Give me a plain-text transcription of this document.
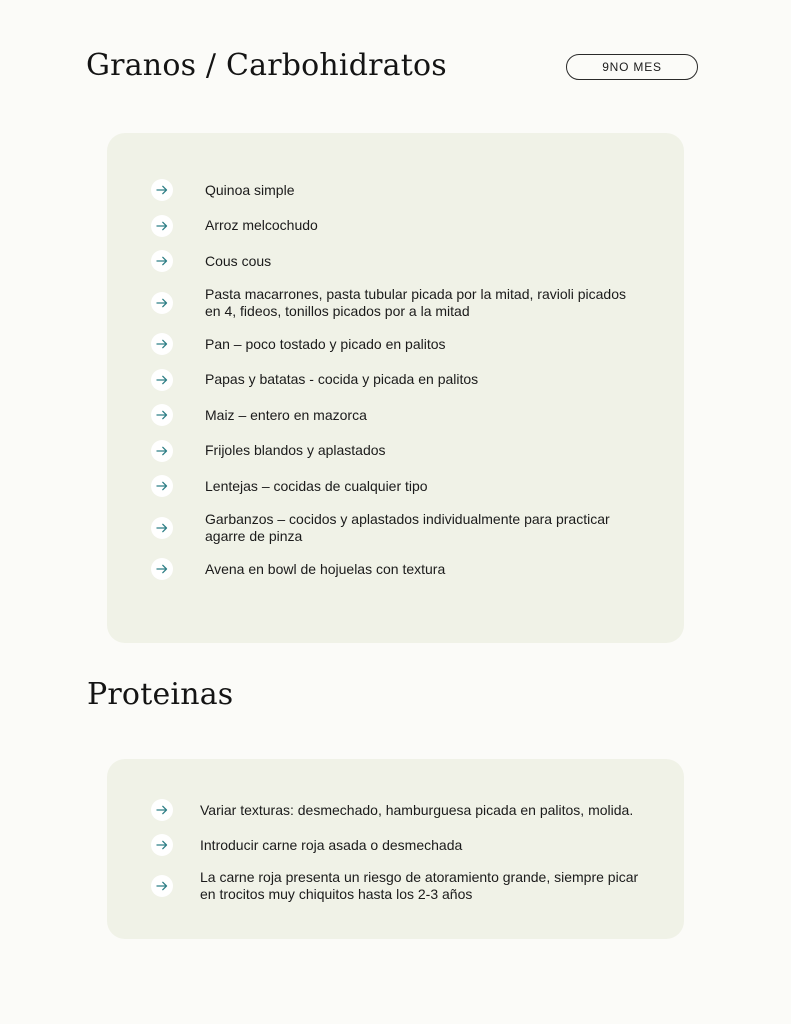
Granos / Carbohidratos	9NO MES
Quinoa simple
Arroz melcochudo
Cous cous
Pasta macarrones, pasta tubular picada por la mitad, ravioli picados en 4, fideos, tonillos picados por a la mitad
Pan – poco tostado y picado en palitos
Papas y batatas - cocida y picada en palitos
Maiz – entero en mazorca
Frijoles blandos y aplastados
Lentejas – cocidas de cualquier tipo
Garbanzos – cocidos y aplastados individualmente para practicar agarre de pinza
Avena en bowl de hojuelas con textura
Proteinas
Variar texturas: desmechado, hamburguesa picada en palitos, molida.
Introducir carne roja asada o desmechada
La carne roja presenta un riesgo de atoramiento grande, siempre picar en trocitos muy chiquitos hasta los 2-3 años
